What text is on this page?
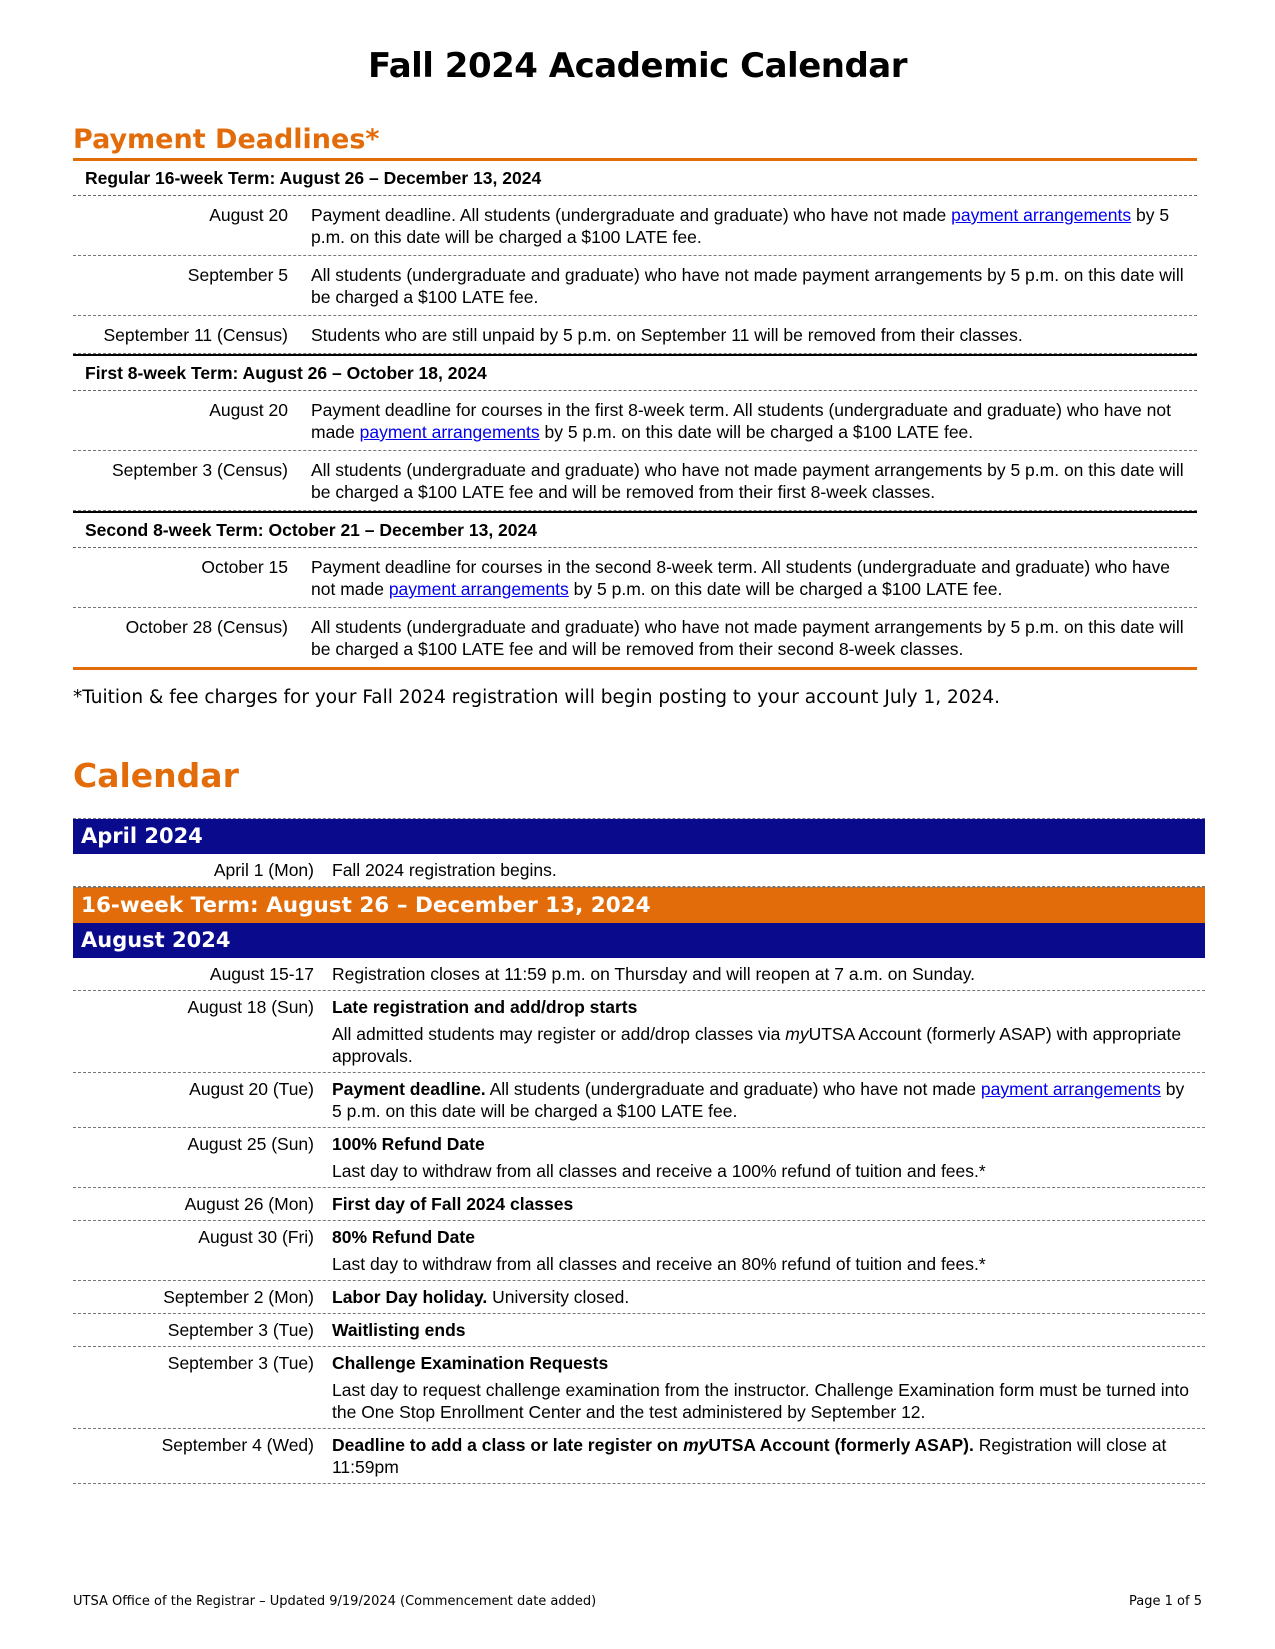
Fall 2024 Academic Calendar
Payment Deadlines*
Regular 16-week Term: August 26 – December 13, 2024
August 20	Payment deadline. All students (undergraduate and graduate) who have not made payment arrangements by 5 p.m. on this date will be charged a $100 LATE fee.
September 5	All students (undergraduate and graduate) who have not made payment arrangements by 5 p.m. on this date will be charged a $100 LATE fee.
September 11 (Census)	Students who are still unpaid by 5 p.m. on September 11 will be removed from their classes.
First 8-week Term: August 26 – October 18, 2024
August 20	Payment deadline for courses in the first 8-week term. All students (undergraduate and graduate) who have not made payment arrangements by 5 p.m. on this date will be charged a $100 LATE fee.
September 3 (Census)	All students (undergraduate and graduate) who have not made payment arrangements by 5 p.m. on this date will be charged a $100 LATE fee and will be removed from their first 8-week classes.
Second 8-week Term: October 21 – December 13, 2024
October 15	Payment deadline for courses in the second 8-week term. All students (undergraduate and graduate) who have not made payment arrangements by 5 p.m. on this date will be charged a $100 LATE fee.
October 28 (Census)	All students (undergraduate and graduate) who have not made payment arrangements by 5 p.m. on this date will be charged a $100 LATE fee and will be removed from their second 8-week classes.
*Tuition & fee charges for your Fall 2024 registration will begin posting to your account July 1, 2024.
Calendar
April 2024
April 1 (Mon)	Fall 2024 registration begins.
16-week Term: August 26 – December 13, 2024
August 2024
August 15-17	Registration closes at 11:59 p.m. on Thursday and will reopen at 7 a.m. on Sunday.
August 18 (Sun) Late registration and add/drop starts
All admitted students may register or add/drop classes via myUTSA Account (formerly ASAP) with appropriate approvals.
August 20 (Tue)	Payment deadline. All students (undergraduate and graduate) who have not made payment arrangements by 5 p.m. on this date will be charged a $100 LATE fee.
August 25 (Sun) 100% Refund Date
Last day to withdraw from all classes and receive a 100% refund of tuition and fees.*
August 26 (Mon)	First day of Fall 2024 classes
August 30 (Fri) 80% Refund Date
Last day to withdraw from all classes and receive an 80% refund of tuition and fees.*
September 2 (Mon)	Labor Day holiday. University closed.
September 3 (Tue)	Waitlisting ends
September 3 (Tue) Challenge Examination Requests
Last day to request challenge examination from the instructor. Challenge Examination form must be turned into the One Stop Enrollment Center and the test administered by September 12.
September 4 (Wed)	Deadline to add a class or late register on myUTSA Account (formerly ASAP). Registration will close at 11:59pm
UTSA Office of the Registrar – Updated 9/19/2024 (Commencement date added)	Page 1 of 5
